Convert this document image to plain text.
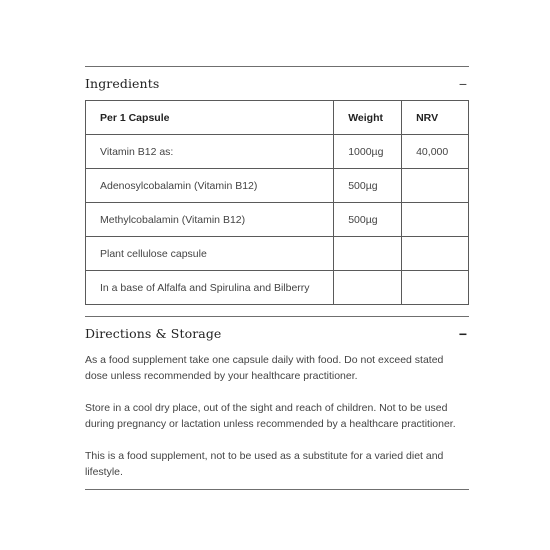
Ingredients	−
Per 1 Capsule	Weight	NRV
Vitamin B12 as:	1000µg	40,000
Adenosylcobalamin (Vitamin B12)	500µg	
Methylcobalamin (Vitamin B12)	500µg	
Plant cellulose capsule		
In a base of Alfalfa and Spirulina and Bilberry		
Directions & Storage	−

As a food supplement take one capsule daily with food. Do not exceed stated dose unless recommended by your healthcare practitioner.

Store in a cool dry place, out of the sight and reach of children. Not to be used during pregnancy or lactation unless recommended by a healthcare practitioner.

This is a food supplement, not to be used as a substitute for a varied diet and lifestyle.
